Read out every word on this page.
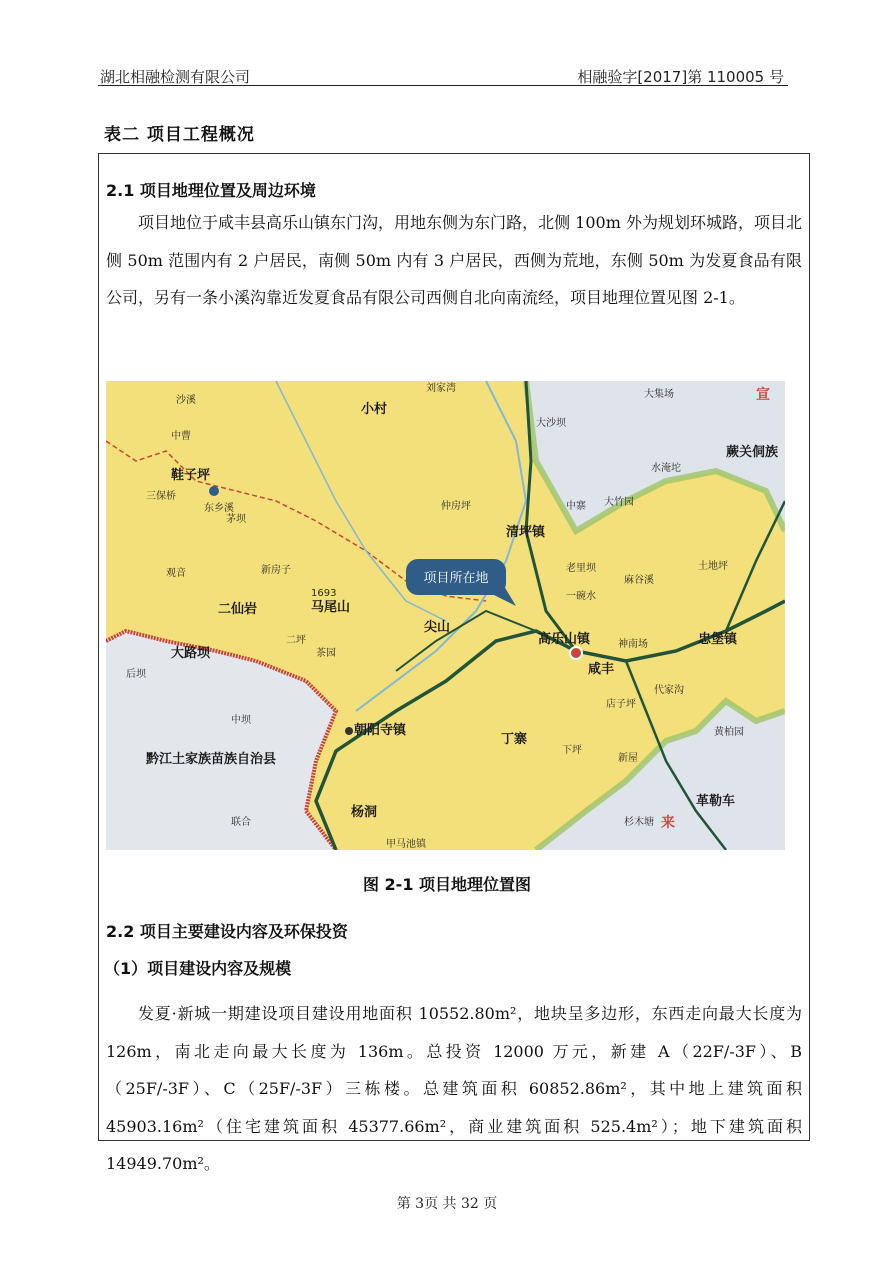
湖北相融检测有限公司	相融验字[2017]第 110005 号
表二 项目工程概况
2.1 项目地理位置及周边环境

项目地位于咸丰县高乐山镇东门沟，用地东侧为东门路，北侧 100m 外为规划环城路，项目北侧 50m 范围内有 2 户居民，南侧 50m 内有 3 户居民，西侧为荒地，东侧 50m 为发夏食品有限公司，另有一条小溪沟靠近发夏食品有限公司西侧自北向南流经，项目地理位置见图 2-1。

项目所在地
沙溪
中曹
鞋子坪
三保桥
东乡溪
茅坝
新房子
二仙岩
观音
大路坝
后坝
中坝
黔江土家族苗族自治县
联合
小村
刘家湾
大沙坝
清坪镇
仲房坪	中寨
二坪
茶园
老里坝
一碗水
高乐山镇
咸丰
尖山
马尾山
1693
朝阳寺镇
丁寨
杨洞
甲马池镇
下坪
忠堡镇
麻谷溪
土地坪
大竹园
神南场
代家沟
店子坪
新屋
革勒车
杉木塘
黄柏园
蕨关侗族
水淹坨
大集场	宣
来
图 2-1 项目地理位置图
2.2 项目主要建设内容及环保投资
（1）项目建设内容及规模

发夏·新城一期建设项目建设用地面积 10552.80m²，地块呈多边形，东西走向最大长度为 126m，南北走向最大长度为 136m。总投资 12000 万元，新建 A（22F/-3F）、B（25F/-3F）、C（25F/-3F）三栋楼。总建筑面积 60852.86m²，其中地上建筑面积 45903.16m²（住宅建筑面积 45377.66m²，商业建筑面积 525.4m²）；地下建筑面积 14949.70m²。

第 3页 共 32 页
